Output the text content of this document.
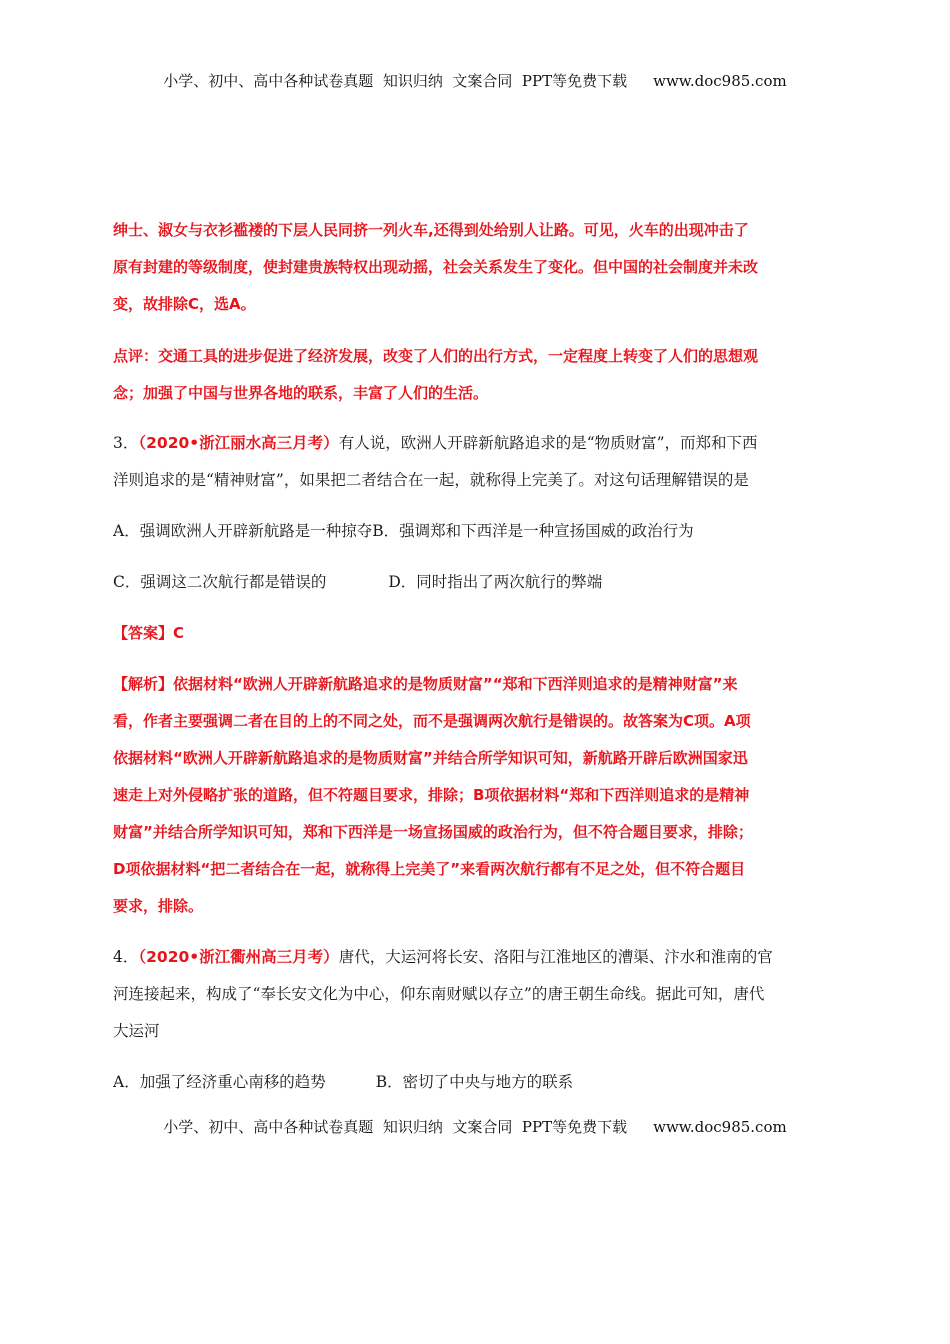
小学、初中、高中各种试卷真题  知识归纳  文案合同  PPT等免费下载 www.doc985.com
绅士、淑女与衣衫褴褛的下层人民同挤一列火车,还得到处给别人让路。可见，火车的出现冲击了
原有封建的等级制度，使封建贵族特权出现动摇，社会关系发生了变化。但中国的社会制度并未改
变，故排除C，选A。
点评：交通工具的进步促进了经济发展，改变了人们的出行方式，一定程度上转变了人们的思想观
念；加强了中国与世界各地的联系，丰富了人们的生活。
3．（2020•浙江丽水高三月考）有人说，欧洲人开辟新航路追求的是“物质财富”，而郑和下西
洋则追求的是“精神财富”，如果把二者结合在一起，就称得上完美了。对这句话理解错误的是
A．强调欧洲人开辟新航路是一种掠夺B．强调郑和下西洋是一种宣扬国威的政治行为
C．强调这二次航行都是错误的	D．同时指出了两次航行的弊端
【答案】C
【解析】依据材料“欧洲人开辟新航路追求的是物质财富”“郑和下西洋则追求的是精神财富”来
看，作者主要强调二者在目的上的不同之处，而不是强调两次航行是错误的。故答案为C项。A项
依据材料“欧洲人开辟新航路追求的是物质财富”并结合所学知识可知，新航路开辟后欧洲国家迅
速走上对外侵略扩张的道路，但不符题目要求，排除；B项依据材料“郑和下西洋则追求的是精神
财富”并结合所学知识可知，郑和下西洋是一场宣扬国威的政治行为，但不符合题目要求，排除；
D项依据材料“把二者结合在一起，就称得上完美了”来看两次航行都有不足之处，但不符合题目
要求，排除。
4．（2020•浙江衢州高三月考）唐代，大运河将长安、洛阳与江淮地区的漕渠、汴水和淮南的官
河连接起来，构成了“奉长安文化为中心，仰东南财赋以存立”的唐王朝生命线。据此可知，唐代
大运河
A．加强了经济重心南移的趋势	B．密切了中央与地方的联系
小学、初中、高中各种试卷真题  知识归纳  文案合同  PPT等免费下载 www.doc985.com
